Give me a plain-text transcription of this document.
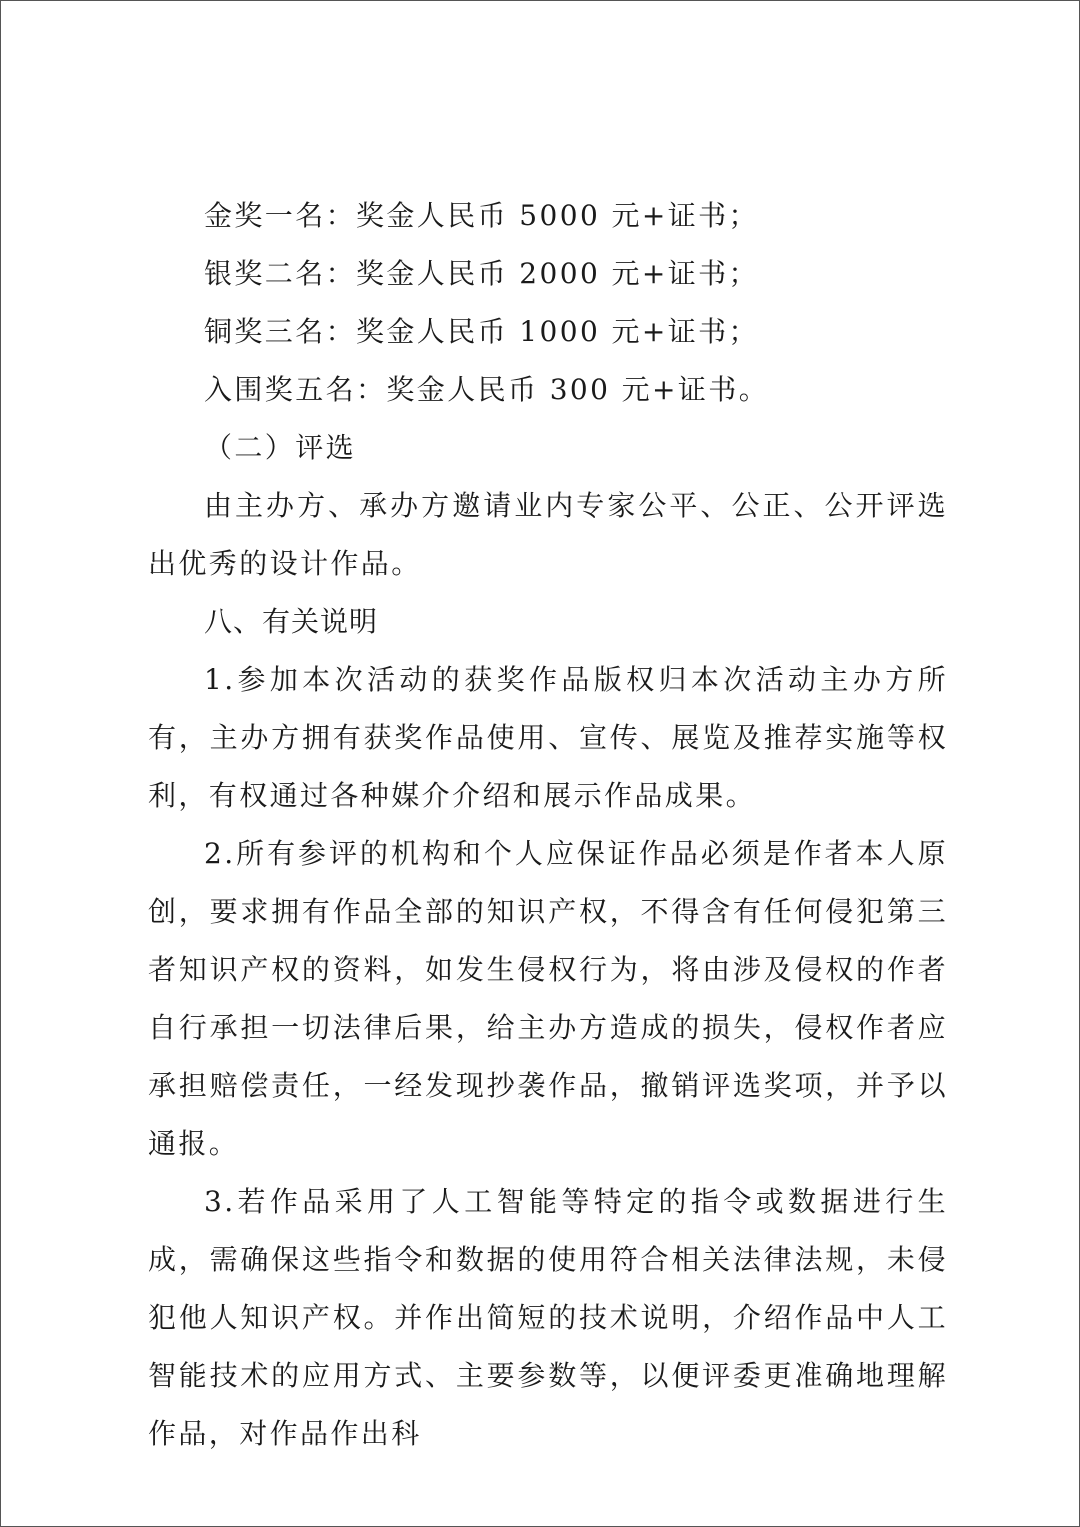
金奖一名：奖金人民币 5000 元+证书；

银奖二名：奖金人民币 2000 元+证书；

铜奖三名：奖金人民币 1000 元+证书；

入围奖五名：奖金人民币 300 元+证书。

（二）评选

由主办方、承办方邀请业内专家公平、公正、公开评选出优秀的设计作品。

八、有关说明

1.参加本次活动的获奖作品版权归本次活动主办方所有，主办方拥有获奖作品使用、宣传、展览及推荐实施等权利，有权通过各种媒介介绍和展示作品成果。

2.所有参评的机构和个人应保证作品必须是作者本人原创，要求拥有作品全部的知识产权，不得含有任何侵犯第三者知识产权的资料，如发生侵权行为，将由涉及侵权的作者自行承担一切法律后果，给主办方造成的损失，侵权作者应承担赔偿责任，一经发现抄袭作品，撤销评选奖项，并予以通报。

3.若作品采用了人工智能等特定的指令或数据进行生成，需确保这些指令和数据的使用符合相关法律法规，未侵犯他人知识产权。并作出简短的技术说明，介绍作品中人工智能技术的应用方式、主要参数等，以便评委更准确地理解作品，对作品作出科
